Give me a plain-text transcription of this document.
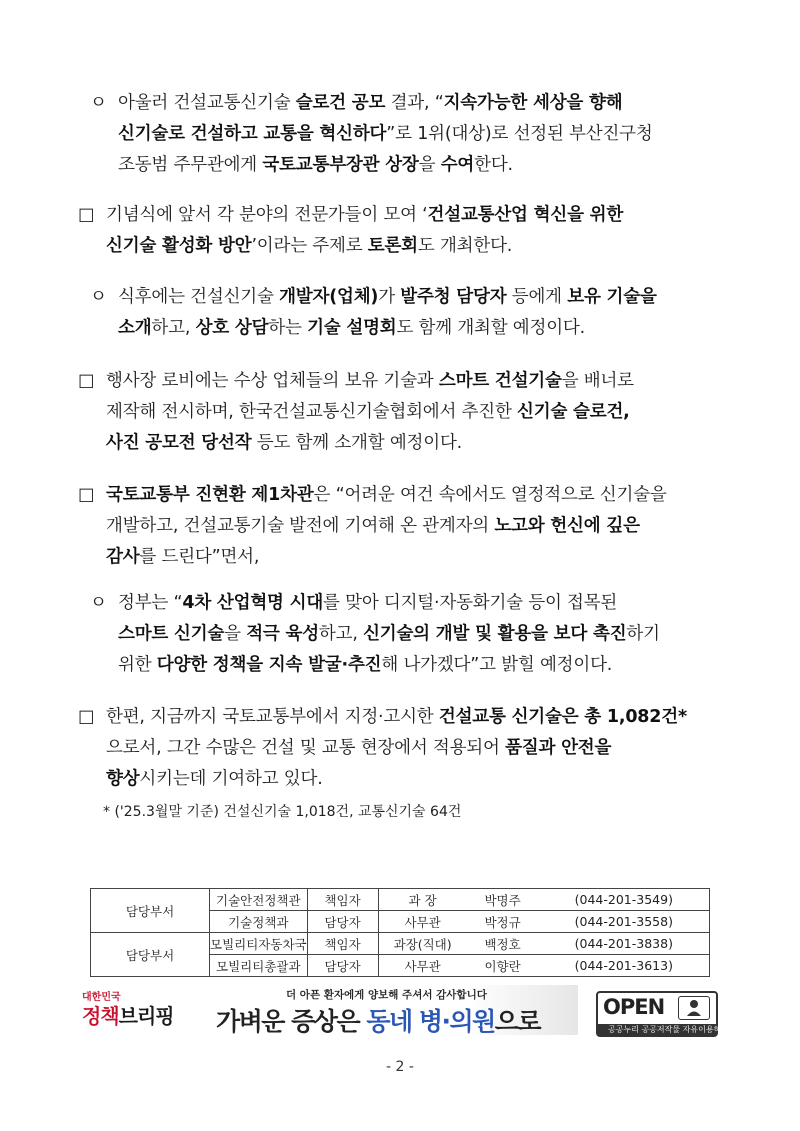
ㅇ 아울러 건설교통신기술 슬로건 공모 결과, “지속가능한 세상을 향해
신기술로 건설하고 교통을 혁신하다”로 1위(대상)로 선정된 부산진구청
조동범 주무관에게 국토교통부장관 상장을 수여한다.
□ 기념식에 앞서 각 분야의 전문가들이 모여 ‘건설교통산업 혁신을 위한
신기술 활성화 방안’이라는 주제로 토론회도 개최한다.
ㅇ 식후에는 건설신기술 개발자(업체)가 발주청 담당자 등에게 보유 기술을
소개하고, 상호 상담하는 기술 설명회도 함께 개최할 예정이다.
□ 행사장 로비에는 수상 업체들의 보유 기술과 스마트 건설기술을 배너로
제작해 전시하며, 한국건설교통신기술협회에서 추진한 신기술 슬로건,
사진 공모전 당선작 등도 함께 소개할 예정이다.
□ 국토교통부 진현환 제1차관은 “어려운 여건 속에서도 열정적으로 신기술을
개발하고, 건설교통기술 발전에 기여해 온 관계자의 노고와 헌신에 깊은
감사를 드린다”면서,
ㅇ 정부는 “4차 산업혁명 시대를 맞아 디지털·자동화기술 등이 접목된
스마트 신기술을 적극 육성하고, 신기술의 개발 및 활용을 보다 촉진하기
위한 다양한 정책을 지속 발굴·추진해 나가겠다”고 밝힐 예정이다.
□ 한편, 지금까지 국토교통부에서 지정·고시한 건설교통 신기술은 총 1,082건*
으로서, 그간 수많은 건설 및 교통 현장에서 적용되어 품질과 안전을
향상시키는데 기여하고 있다.
* ('25.3월말 기준) 건설신기술 1,018건, 교통신기술 64건
담당부서	기술안전정책관	책임자	과 장	박명주	(044-201-3549)
	기술정책과	담당자	사무관	박정규	(044-201-3558)
담당부서	모빌리티자동차국	책임자	과장(직대)	백정호	(044-201-3838)
	모빌리티총괄과	담당자	사무관	이향란	(044-201-3613)
대한민국
정책브리핑
더 아픈 환자에게 양보해 주셔서 감사합니다
가벼운 증상은 동네 병·의원으로	OPEN
공공누리 공공저작물 자유이용허락
- 2 -
